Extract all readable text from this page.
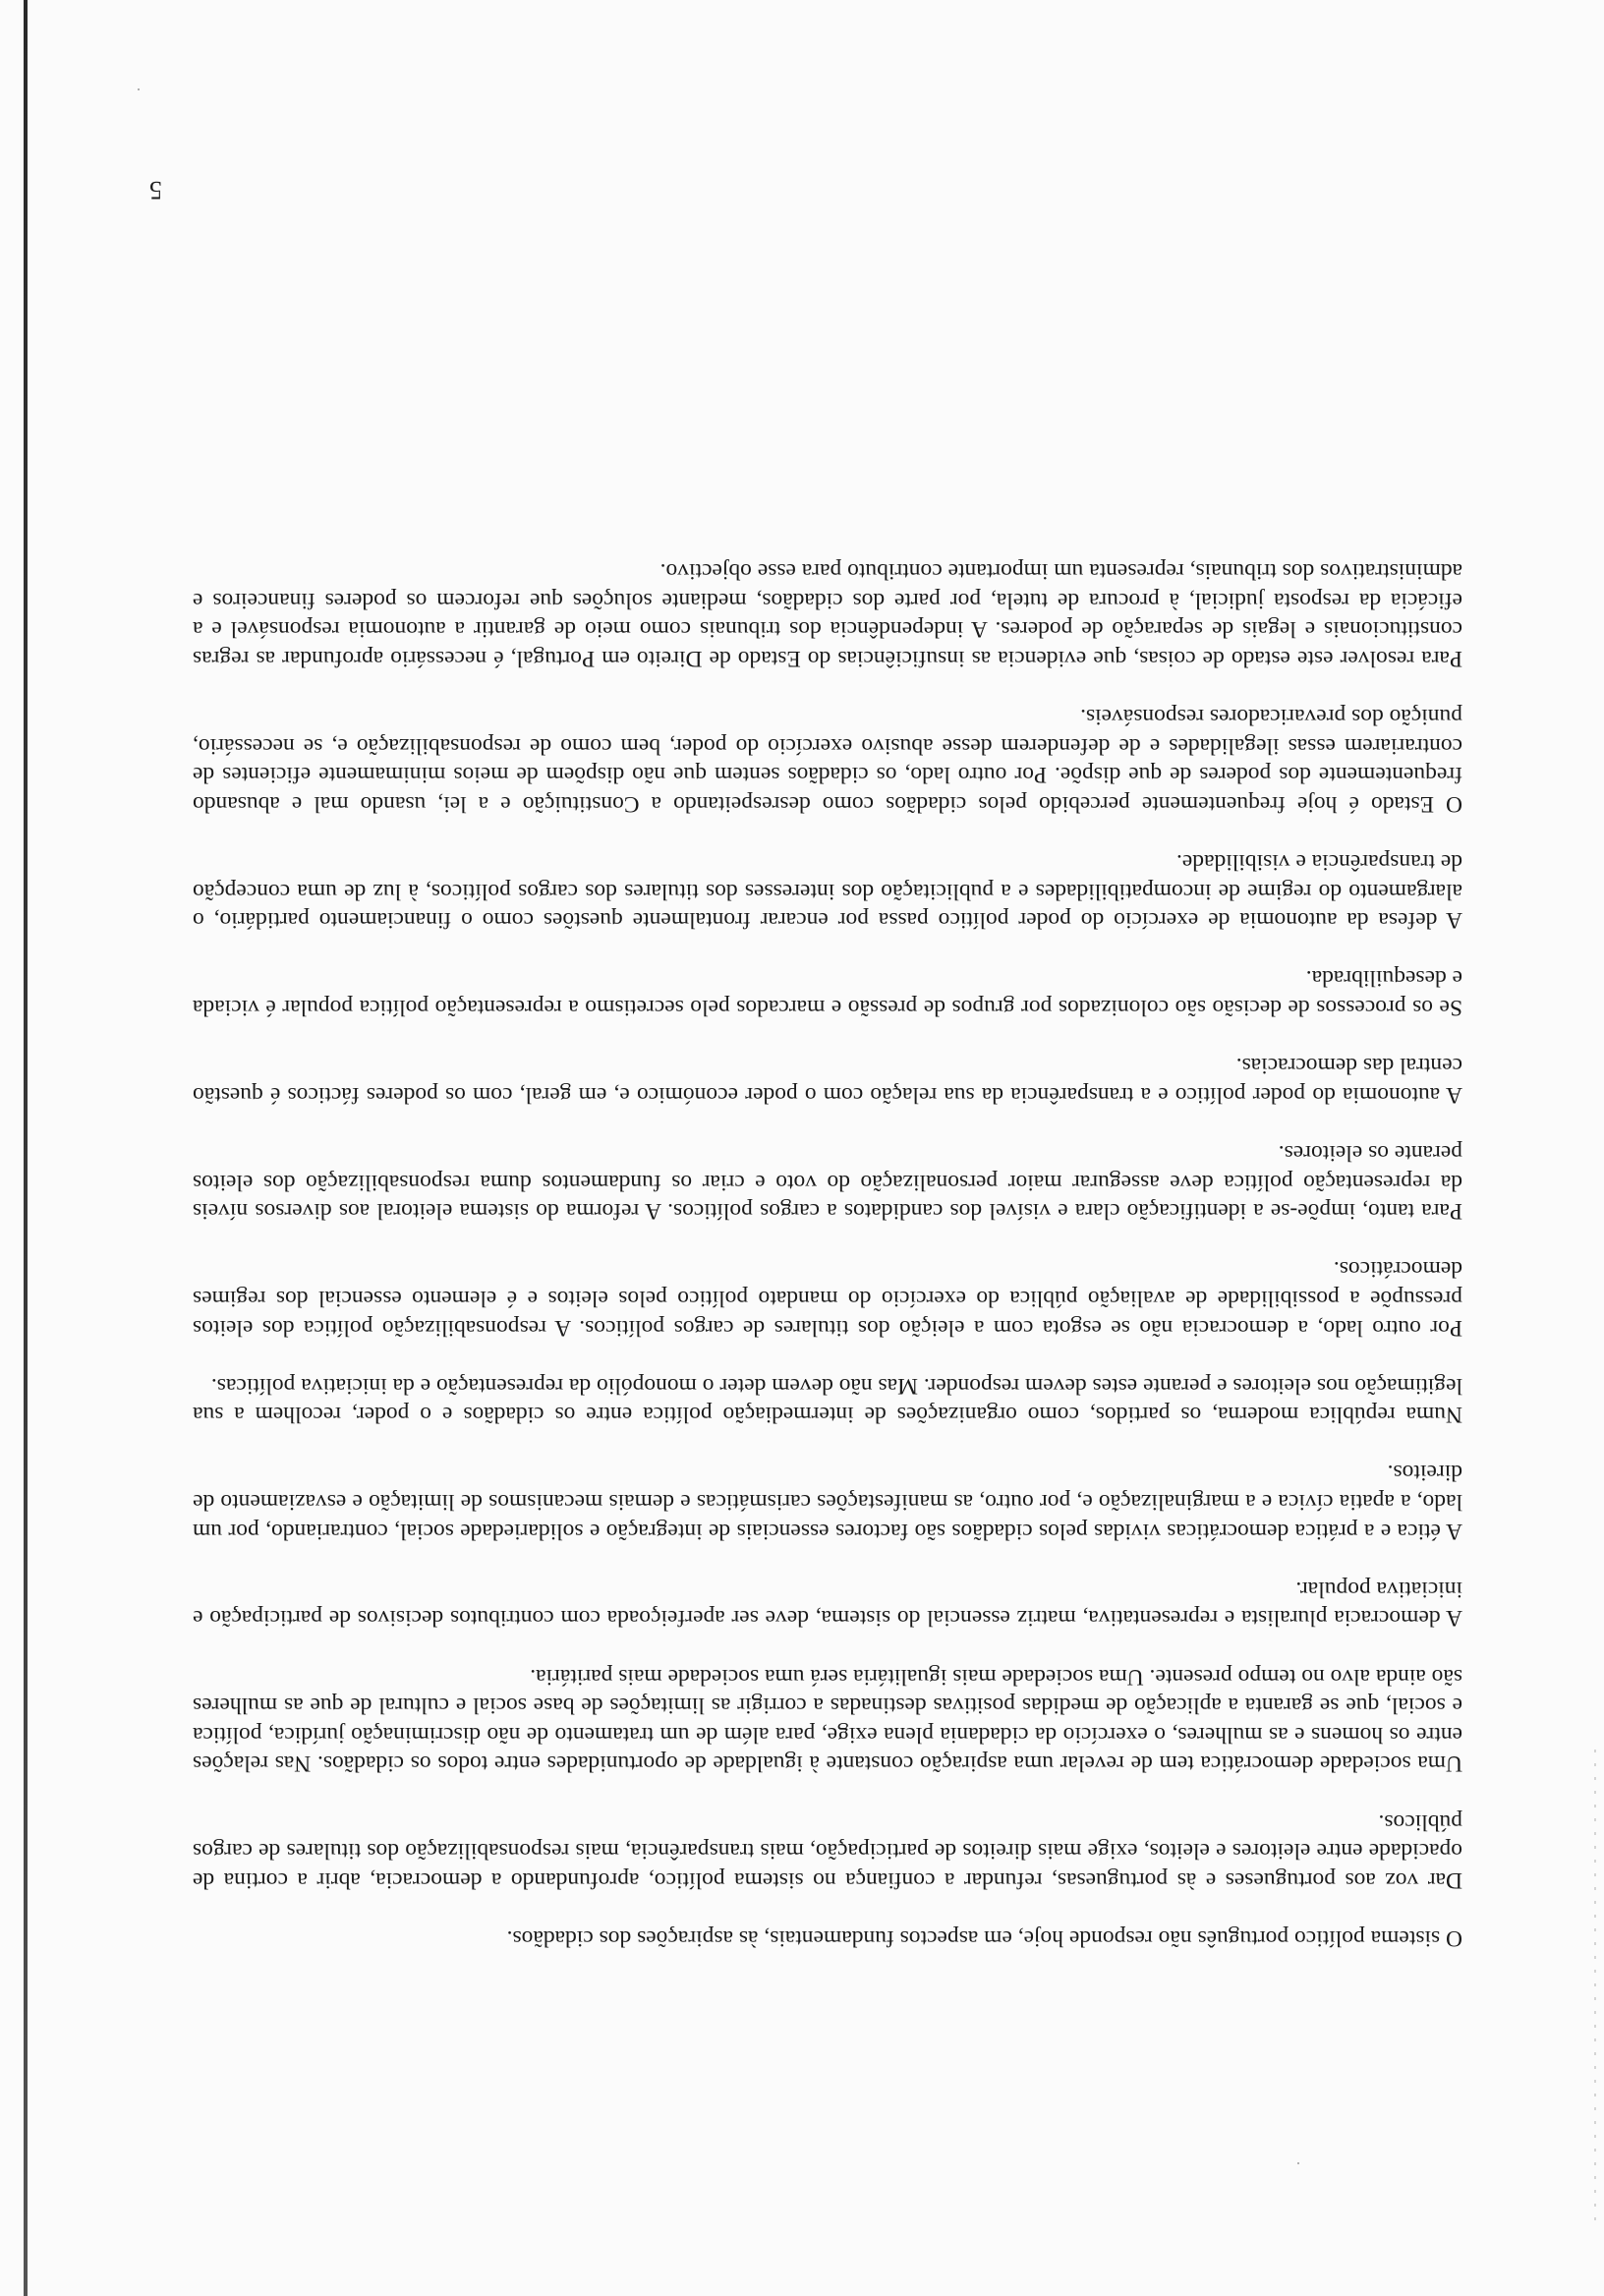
O sistema político português não responde hoje, em aspectos fundamentais, às aspirações dos cidadãos.

Dar voz aos portugueses e às portuguesas, refundar a confiança no sistema político, aprofundando a democracia, abrir a cortina de opacidade entre eleitores e eleitos, exige mais direitos de participação, mais transparência, mais responsabilização dos titulares de cargos públicos.

Uma sociedade democrática tem de revelar uma aspiração constante à igualdade de oportunidades entre todos os cidadãos. Nas relações entre os homens e as mulheres, o exercício da cidadania plena exige, para além de um tratamento de não discriminação jurídica, política e social, que se garanta a aplicação de medidas positivas destinadas a corrigir as limitações de base social e cultural de que as mulheres são ainda alvo no tempo presente. Uma sociedade mais igualitária será uma sociedade mais paritária.

A democracia pluralista e representativa, matriz essencial do sistema, deve ser aperfeiçoada com contributos decisivos de participação e iniciativa popular.

A ética e a prática democráticas vividas pelos cidadãos são factores essenciais de integração e solidariedade social, contrariando, por um lado, a apatia cívica e a marginalização e, por outro, as manifestações carismáticas e demais mecanismos de limitação e esvaziamento de direitos.

Numa república moderna, os partidos, como organizações de intermediação política entre os cidadãos e o poder, recolhem a sua legitimação nos eleitores e perante estes devem responder. Mas não devem deter o monopólio da representação e da iniciativa políticas.

Por outro lado, a democracia não se esgota com a eleição dos titulares de cargos políticos. A responsabilização política dos eleitos pressupõe a possibilidade de avaliação pública do exercício do mandato político pelos eleitos e é elemento essencial dos regimes democráticos.

Para tanto, impõe-se a identificação clara e visível dos candidatos a cargos políticos. A reforma do sistema eleitoral aos diversos níveis da representação política deve assegurar maior personalização do voto e criar os fundamentos duma responsabilização dos eleitos perante os eleitores.

A autonomia do poder político e a transparência da sua relação com o poder económico e, em geral, com os poderes fácticos é questão central das democracias.

Se os processos de decisão são colonizados por grupos de pressão e marcados pelo secretismo a representação política popular é viciada e desequilibrada.

A defesa da autonomia de exercício do poder político passa por encarar frontalmente questões como o financiamento partidário, o alargamento do regime de incompatibilidades e a publicitação dos interesses dos titulares dos cargos políticos, à luz de uma concepção de transparência e visibilidade.

O Estado é hoje frequentemente percebido pelos cidadãos como desrespeitando a Constituição e a lei, usando mal e abusando frequentemente dos poderes de que dispõe. Por outro lado, os cidadãos sentem que não dispõem de meios minimamente eficientes de contrariarem essas ilegalidades e de defenderem desse abusivo exercício do poder, bem como de responsabilização e, se necessário, punição dos prevaricadores responsáveis.

Para resolver este estado de coisas, que evidencia as insuficiências do Estado de Direito em Portugal, é necessário aprofundar as regras constitucionais e legais de separação de poderes. A independência dos tribunais como meio de garantir a autonomia responsável e a eficácia da resposta judicial, à procura de tutela, por parte dos cidadãos, mediante soluções que reforcem os poderes financeiros e administrativos dos tribunais, representa um importante contributo para esse objectivo.

5
